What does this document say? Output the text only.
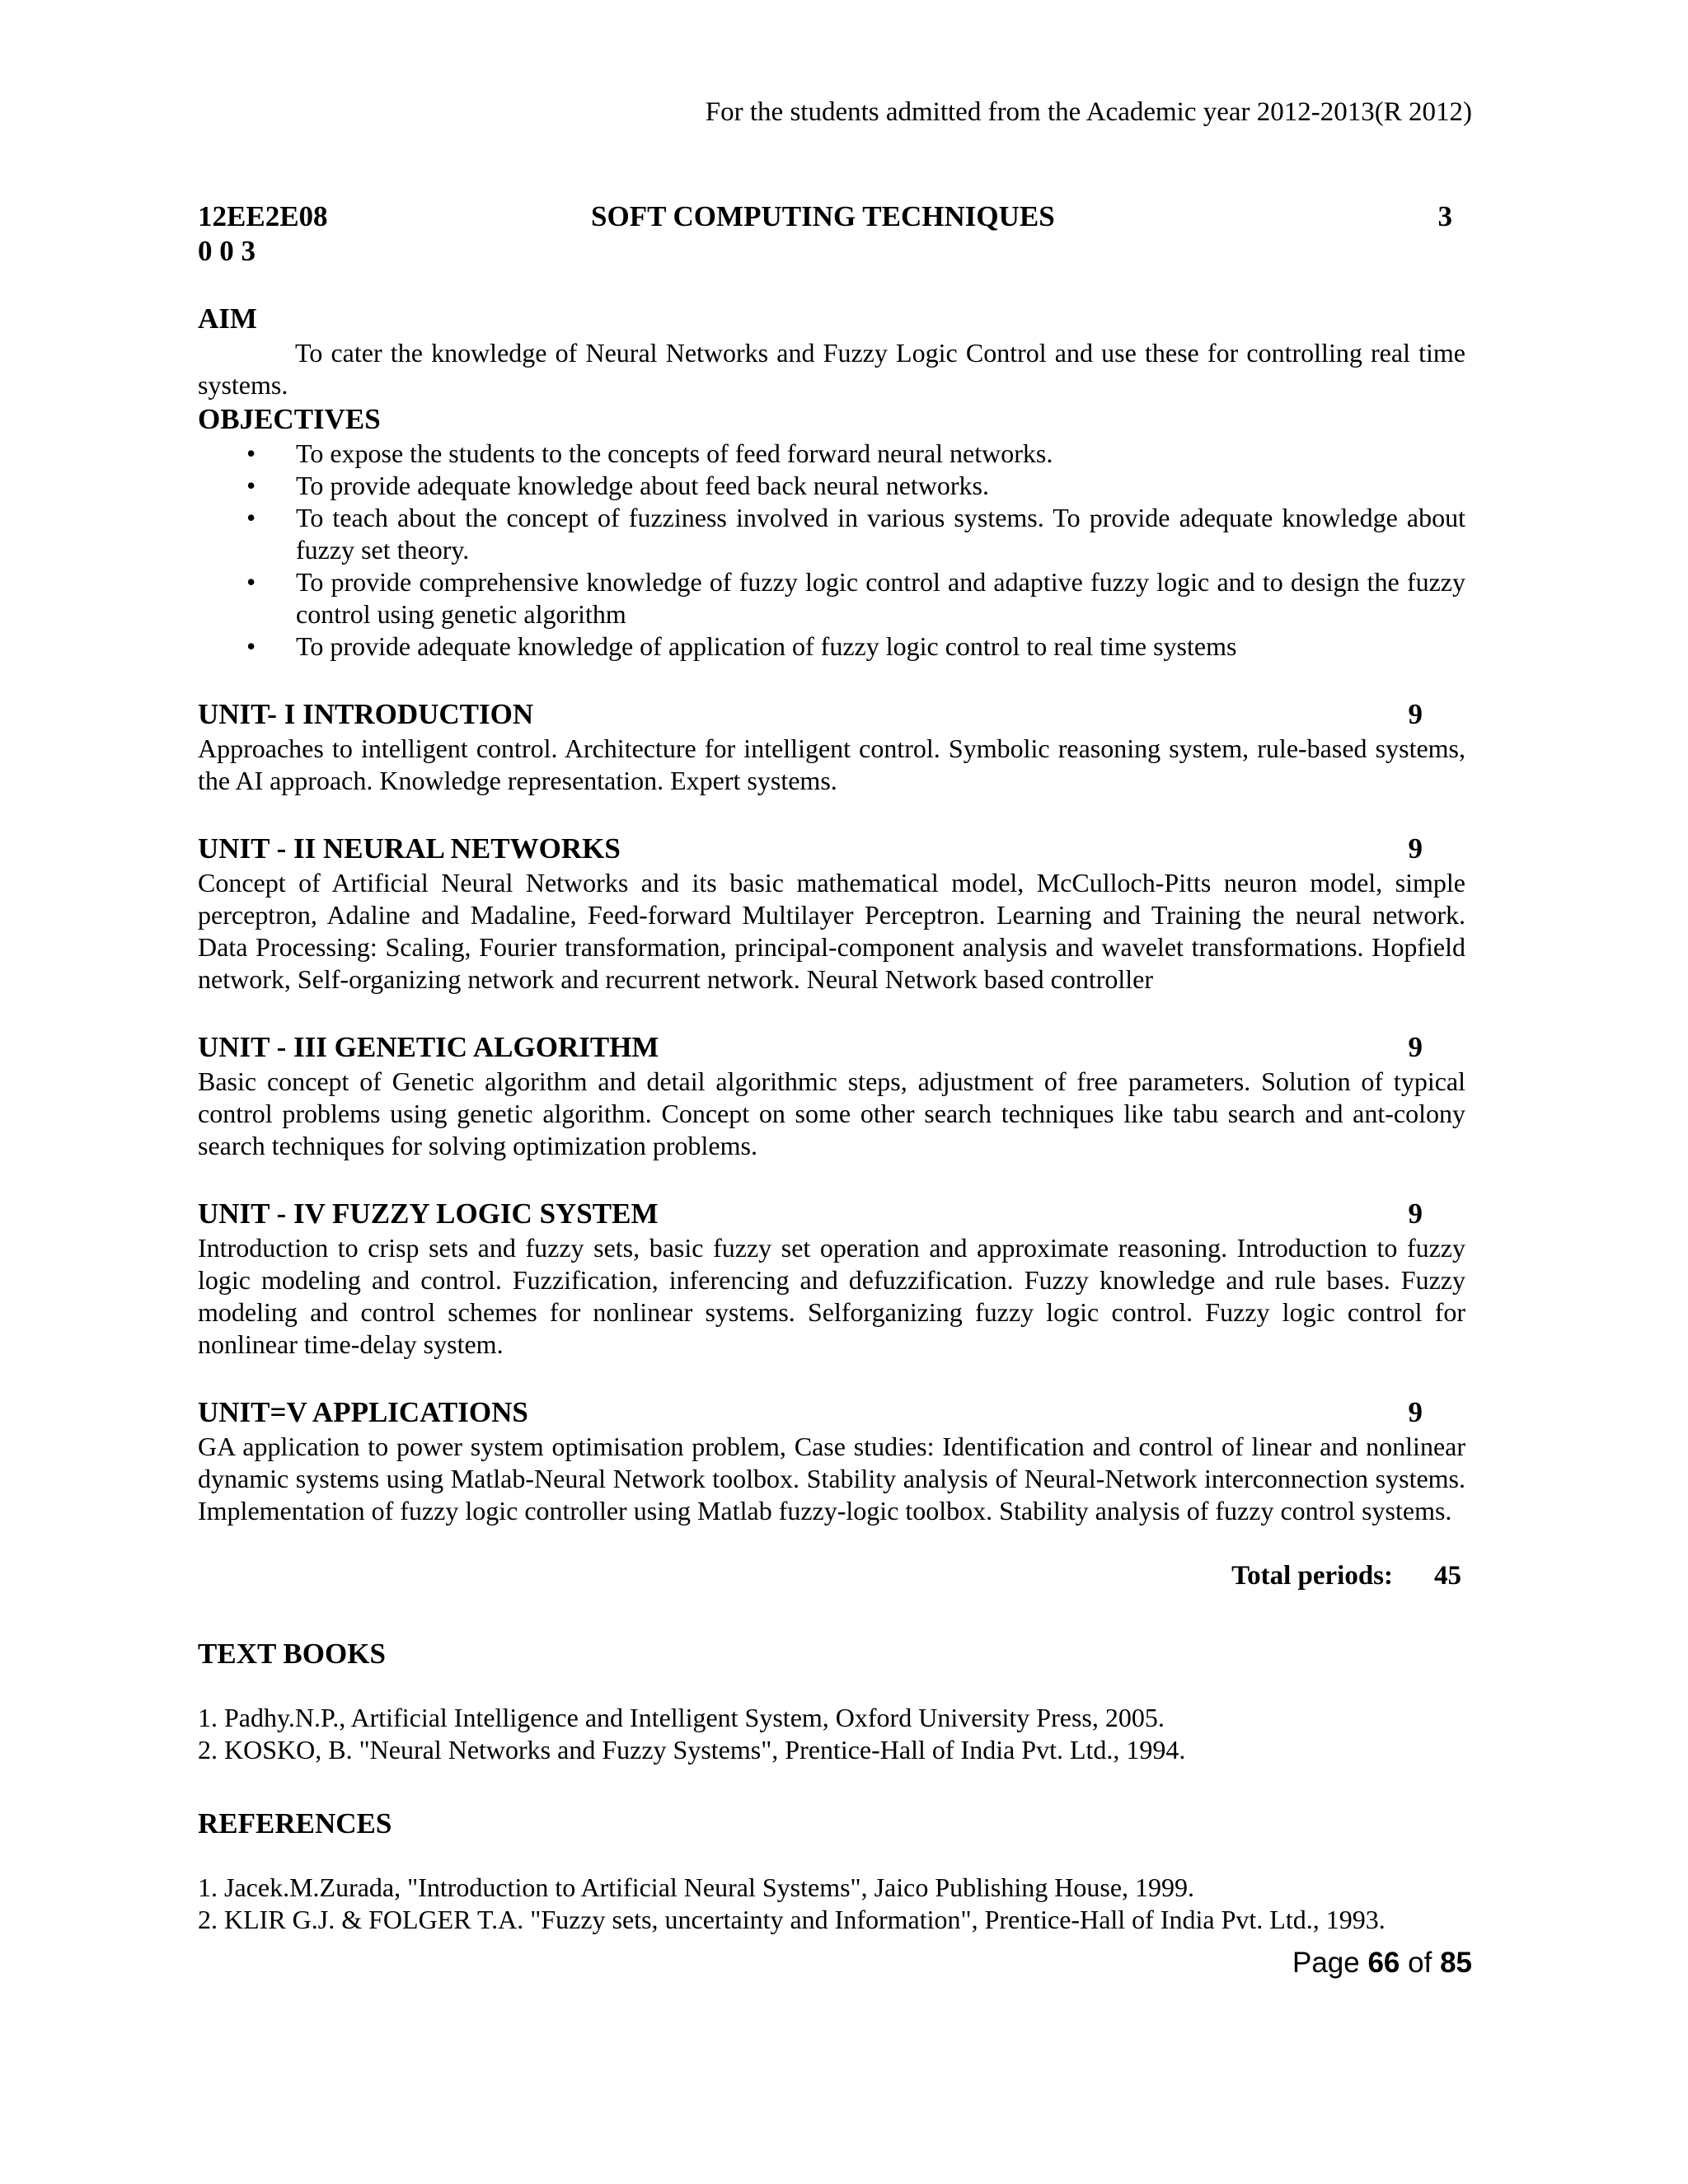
For the students admitted from the Academic year 2012-2013(R 2012)
12EE2E08	SOFT COMPUTING TECHNIQUES	3
0 0 3
AIM

To cater the knowledge of Neural Networks and Fuzzy Logic Control and use these for controlling real time systems.

OBJECTIVES
• To expose the students to the concepts of feed forward neural networks.
• To provide adequate knowledge about feed back neural networks.
• To teach about the concept of fuzziness involved in various systems. To provide adequate knowledge about fuzzy set theory.
• To provide comprehensive knowledge of fuzzy logic control and adaptive fuzzy logic and to design the fuzzy control using genetic algorithm
• To provide adequate knowledge of application of fuzzy logic control to real time systems
UNIT- I INTRODUCTION	9

Approaches to intelligent control. Architecture for intelligent control. Symbolic reasoning system, rule-based systems, the AI approach. Knowledge representation. Expert systems.

UNIT - II NEURAL NETWORKS	9

Concept of Artificial Neural Networks and its basic mathematical model, McCulloch-Pitts neuron model, simple perceptron, Adaline and Madaline, Feed-forward Multilayer Perceptron. Learning and Training the neural network. Data Processing: Scaling, Fourier transformation, principal-component analysis and wavelet transformations. Hopfield network, Self-organizing network and recurrent network. Neural Network based controller

UNIT - III GENETIC ALGORITHM	9

Basic concept of Genetic algorithm and detail algorithmic steps, adjustment of free parameters. Solution of typical control problems using genetic algorithm. Concept on some other search techniques like tabu search and ant-colony search techniques for solving optimization problems.

UNIT - IV FUZZY LOGIC SYSTEM	9

Introduction to crisp sets and fuzzy sets, basic fuzzy set operation and approximate reasoning. Introduction to fuzzy logic modeling and control. Fuzzification, inferencing and defuzzification. Fuzzy knowledge and rule bases. Fuzzy modeling and control schemes for nonlinear systems. Selforganizing fuzzy logic control. Fuzzy logic control for nonlinear time-delay system.

UNIT=V APPLICATIONS	9

GA application to power system optimisation problem, Case studies: Identification and control of linear and nonlinear dynamic systems using Matlab-Neural Network toolbox. Stability analysis of Neural-Network interconnection systems. Implementation of fuzzy logic controller using Matlab fuzzy-logic toolbox. Stability analysis of fuzzy control systems.

Total periods: 45
TEXT BOOKS
1. Padhy.N.P., Artificial Intelligence and Intelligent System, Oxford University Press, 2005.
2. KOSKO, B. "Neural Networks and Fuzzy Systems", Prentice-Hall of India Pvt. Ltd., 1994.
REFERENCES
1. Jacek.M.Zurada, "Introduction to Artificial Neural Systems", Jaico Publishing House, 1999.
2. KLIR G.J. & FOLGER T.A. "Fuzzy sets, uncertainty and Information", Prentice-Hall of India Pvt. Ltd., 1993.
Page 66 of 85
